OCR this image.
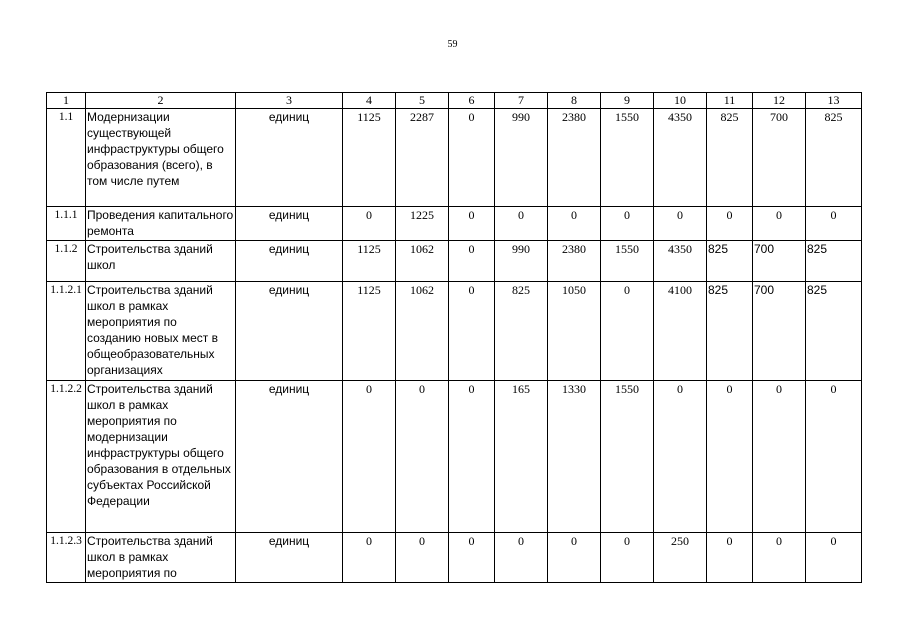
59
1	2	3	4	5	6	7	8	9	10	11	12	13
1.1	Модернизации существующей инфраструктуры общего образования (всего), в том числе путем	единиц	1125	2287	0	990	2380	1550	4350	825	700	825
1.1.1	Проведения капитального ремонта	единиц	0	1225	0	0	0	0	0	0	0	0
1.1.2	Строительства зданий школ	единиц	1125	1062	0	990	2380	1550	4350	825	700	825
1.1.2.1	Строительства зданий школ в рамках мероприятия по созданию новых мест в общеобразовательных организациях	единиц	1125	1062	0	825	1050	0	4100	825	700	825
1.1.2.2	Строительства зданий школ в рамках мероприятия по модернизации инфраструктуры общего образования в отдельных субъектах Российской Федерации	единиц	0	0	0	165	1330	1550	0	0	0	0
1.1.2.3	Строительства зданий школ в рамках мероприятия по	единиц	0	0	0	0	0	0	250	0	0	0
